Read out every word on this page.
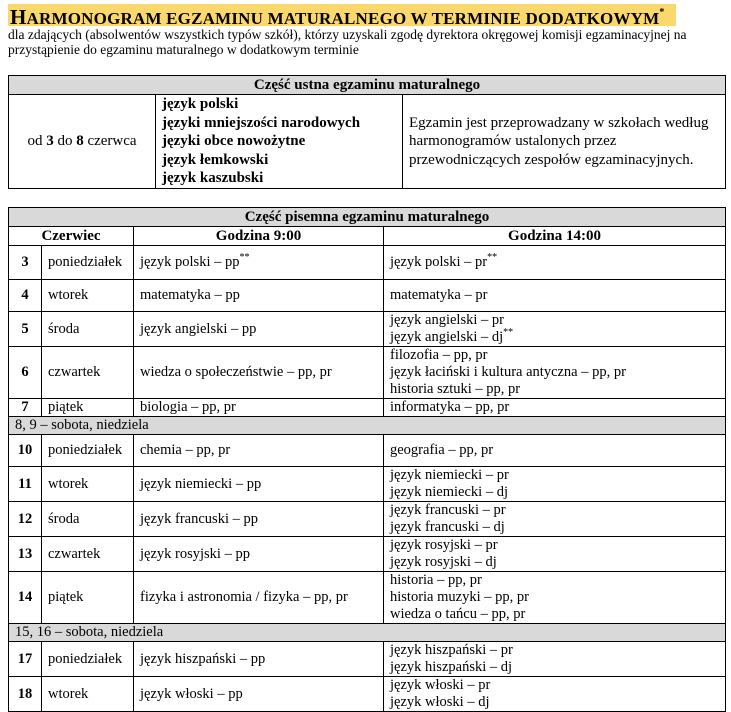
HARMONOGRAM EGZAMINU MATURALNEGO W TERMINIE DODATKOWYM*
dla zdających (absolwentów wszystkich typów szkół), którzy uzyskali zgodę dyrektora okręgowej komisji egzaminacyjnej na przystąpienie do egzaminu maturalnego w dodatkowym terminie
Część ustna egzaminu maturalnego
od 3 do 8 czerwca	
język polski
języki mniejszości narodowych
języki obce nowożytne
język łemkowski
język kaszubski
	Egzamin jest przeprowadzany w szkołach według harmonogramów ustalonych przez przewodniczących zespołów egzaminacyjnych.
Część pisemna egzaminu maturalnego			
Czerwiec		Godzina 9:00	Godzina 14:00
3	poniedziałek	język polski – pp**	język polski – pr**

4	wtorek	matematyka – pp	matematyka – pr

5	środa	język angielski – pp	język angielski – pr
język angielski – dj**

6	czwartek	wiedza o społeczeństwie – pp, pr	filozofia – pp, pr
język łaciński i kultura antyczna – pp, pr
historia sztuki – pp, pr

7	piątek	biologia – pp, pr	informatyka – pp, pr

8, 9 – sobota, niedziela			
10	poniedziałek	chemia – pp, pr	geografia – pp, pr

11	wtorek	język niemiecki – pp	język niemiecki – pr
język niemiecki – dj

12	środa	język francuski – pp	język francuski – pr
język francuski – dj

13	czwartek	język rosyjski – pp	język rosyjski – pr
język rosyjski – dj

14	piątek	fizyka i astronomia / fizyka – pp, pr	historia – pp, pr
historia muzyki – pp, pr
wiedza o tańcu – pp, pr

15, 16 – sobota, niedziela			
17	poniedziałek	język hiszpański – pp	język hiszpański – pr
język hiszpański – dj

18	wtorek	język włoski – pp	język włoski – pr
język włoski – dj
